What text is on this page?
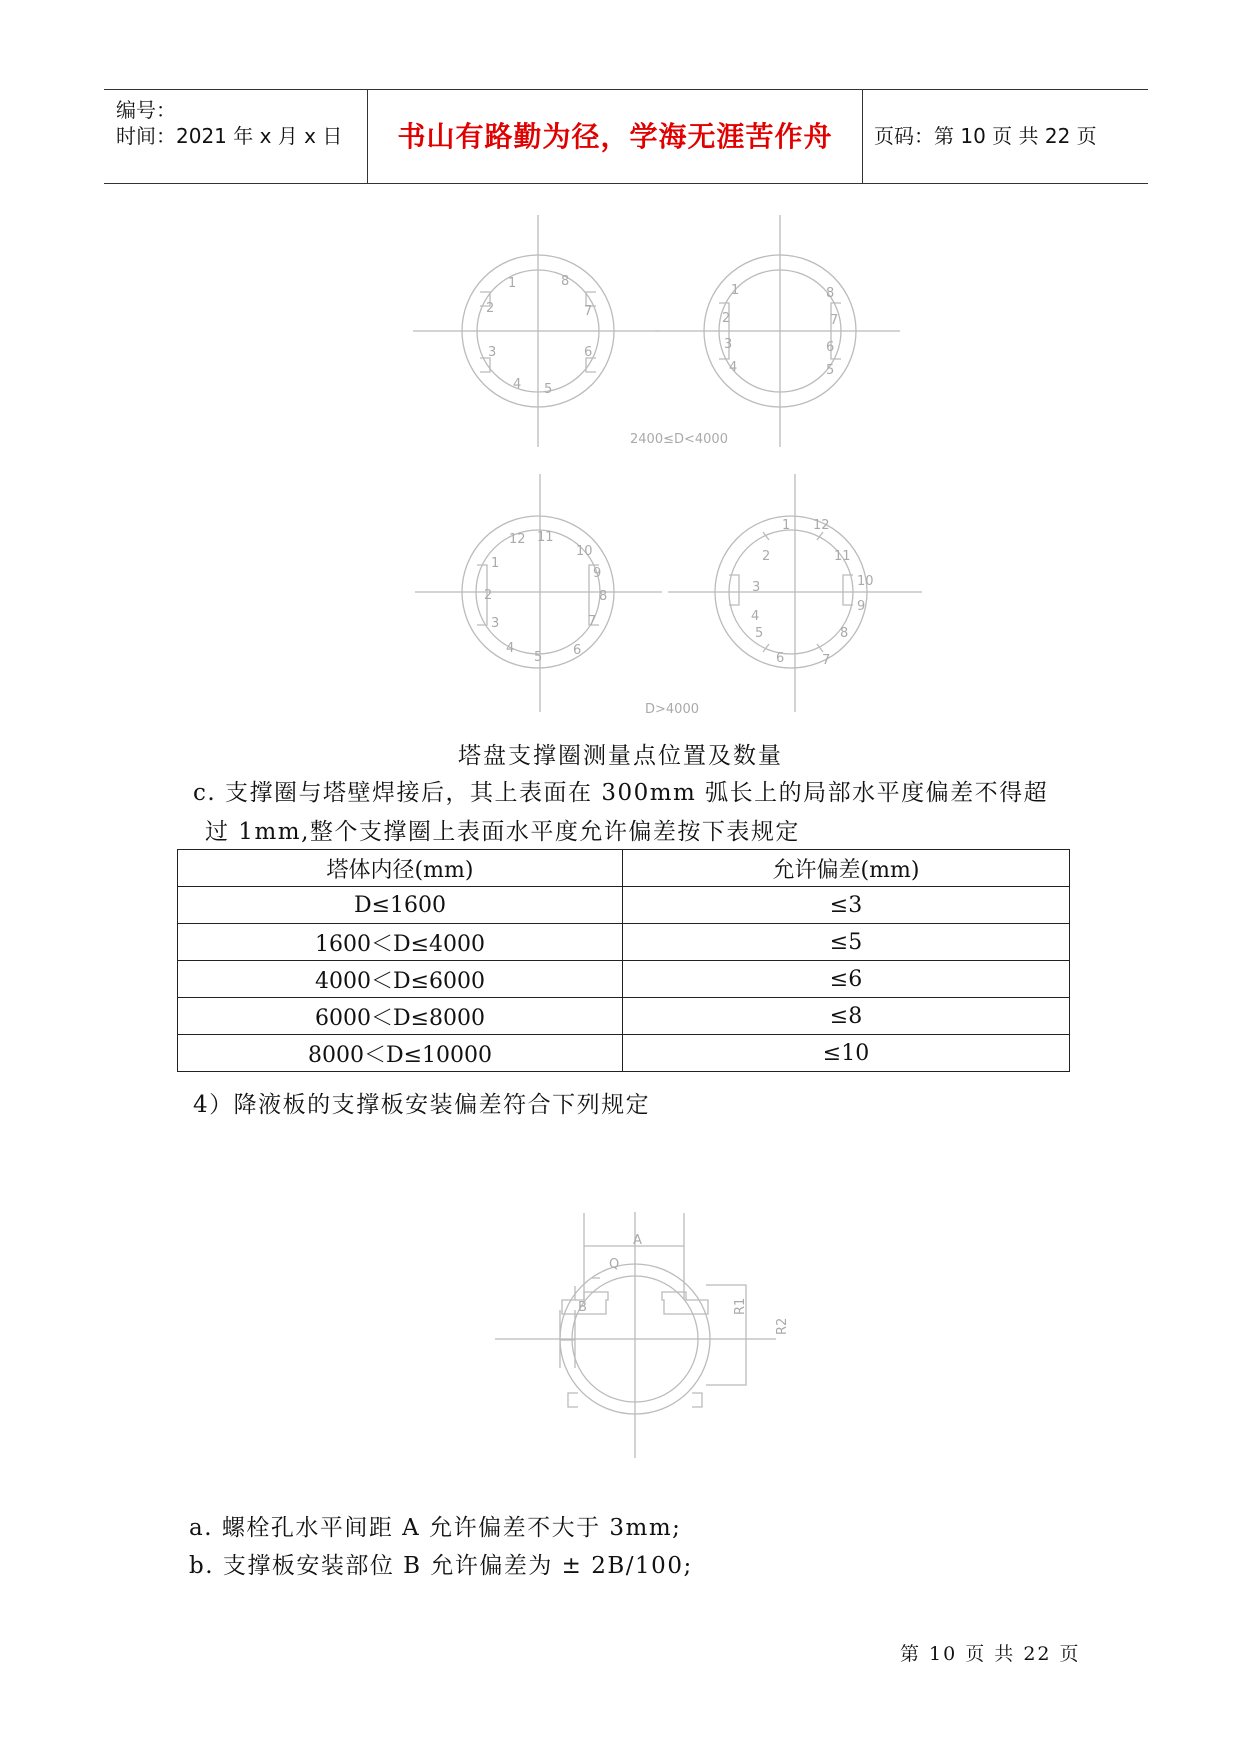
编号：
时间：2021 年 x 月 x 日	书山有路勤为径，学海无涯苦作舟	页码：第 10 页 共 22 页
1
2
3
4 5
6
7
8
1
2
3
4	5
6
7
8
1
2
3
4
5 6
7
8
9
10
11
12
1
2
3
4
5
6	7
8
9
10
11
12
2400≤D<4000
D>4000
塔盘支撑圈测量点位置及数量
c. 支撑圈与塔壁焊接后，其上表面在 300mm 弧长上的局部水平度偏差不得超
过 1mm,整个支撑圈上表面水平度允许偏差按下表规定
塔体内径(mm)	允许偏差(mm)
D≤1600	≤3
1600＜D≤4000	≤5
4000＜D≤6000	≤6
6000＜D≤8000	≤8
8000＜D≤10000	≤10
4）降液板的支撑板安装偏差符合下列规定
A
Q
B	R1
R2
a. 螺栓孔水平间距 A 允许偏差不大于 3mm;
b. 支撑板安装部位 B 允许偏差为 ± 2B/100;
第 10 页 共 22 页
